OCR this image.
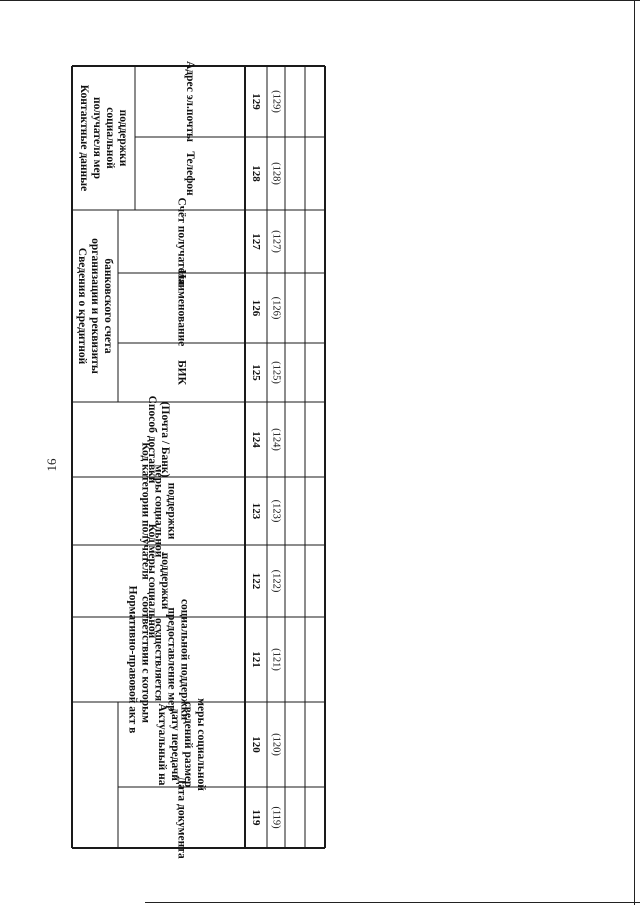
16
Контактные данные получателя мер социальной поддержки
Сведения о кредитной организации и реквизиты банковского счета
Адрес эл.почты	129 (129)
Телефон	128 (128)
Счёт получателя	127 (127)
Наименование	126 (126)
БИК	125 (125)
Способ доставки (Почта / Банк)	124 (124)
Код категории получателя меры социальной поддержки	123 (123)
Код меры социальной поддержки	122 (122)
Нормативно-правовой акт в соответствии с которым осуществляется предоставление мер социальной поддержки	121 (121)
Актуальный на дату передачи сведений размер меры социальной	120 (120)
Дата документа	119 (119)
